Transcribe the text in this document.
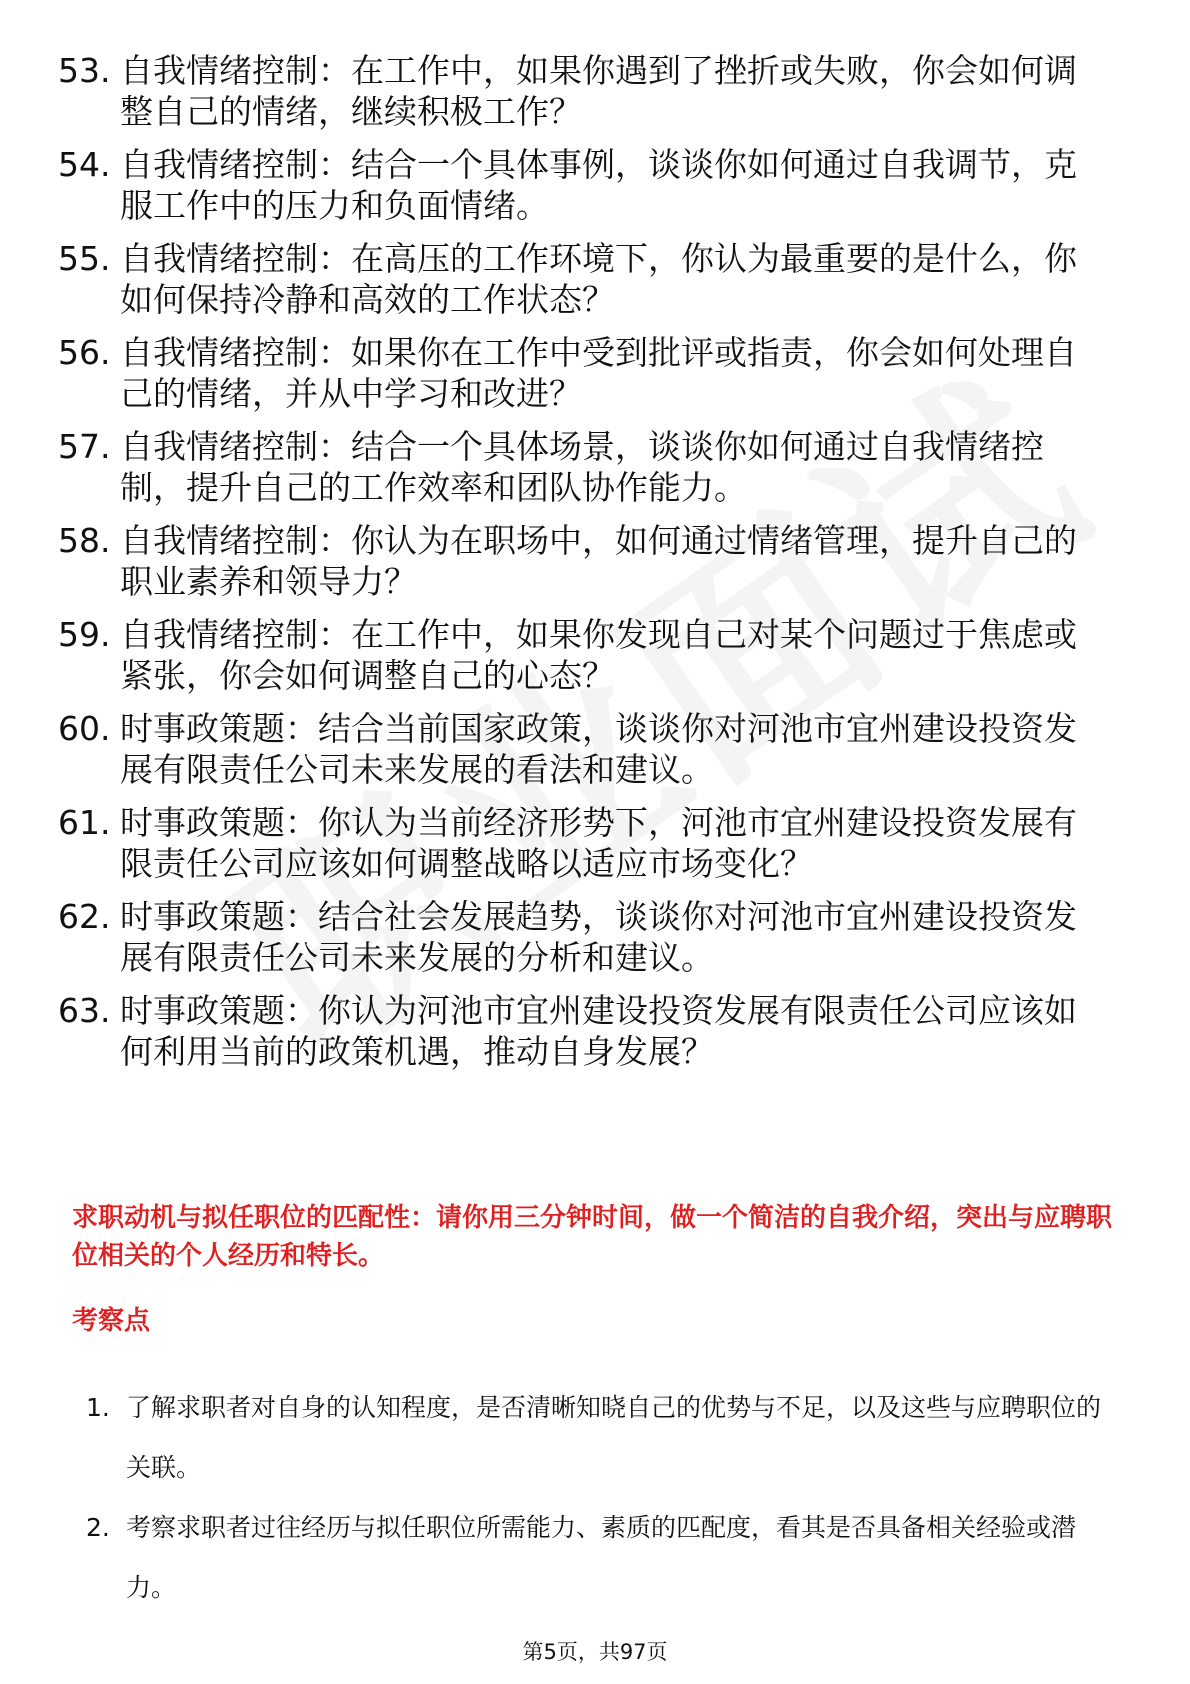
53. 自我情绪控制：在工作中，如果你遇到了挫折或失败，你会如何调整自己的情绪，继续积极工作？
54. 自我情绪控制：结合一个具体事例，谈谈你如何通过自我调节，克服工作中的压力和负面情绪。
55. 自我情绪控制：在高压的工作环境下，你认为最重要的是什么，你如何保持冷静和高效的工作状态？
56. 自我情绪控制：如果你在工作中受到批评或指责，你会如何处理自己的情绪，并从中学习和改进？
57. 自我情绪控制：结合一个具体场景，谈谈你如何通过自我情绪控制，提升自己的工作效率和团队协作能力。
58. 自我情绪控制：你认为在职场中，如何通过情绪管理，提升自己的职业素养和领导力？
59. 自我情绪控制：在工作中，如果你发现自己对某个问题过于焦虑或紧张，你会如何调整自己的心态？
60. 时事政策题：结合当前国家政策，谈谈你对河池市宜州建设投资发展有限责任公司未来发展的看法和建议。
61. 时事政策题：你认为当前经济形势下，河池市宜州建设投资发展有限责任公司应该如何调整战略以适应市场变化？
62. 时事政策题：结合社会发展趋势，谈谈你对河池市宜州建设投资发展有限责任公司未来发展的分析和建议。
63. 时事政策题：你认为河池市宜州建设投资发展有限责任公司应该如何利用当前的政策机遇，推动自身发展？
求职动机与拟任职位的匹配性：请你用三分钟时间，做一个简洁的自我介绍，突出与应聘职位相关的个人经历和特长。
考察点
1. 了解求职者对自身的认知程度，是否清晰知晓自己的优势与不足，以及这些与应聘职位的关联。
2. 考察求职者过往经历与拟任职位所需能力、素质的匹配度，看其是否具备相关经验或潜力。
第5页，共97页
